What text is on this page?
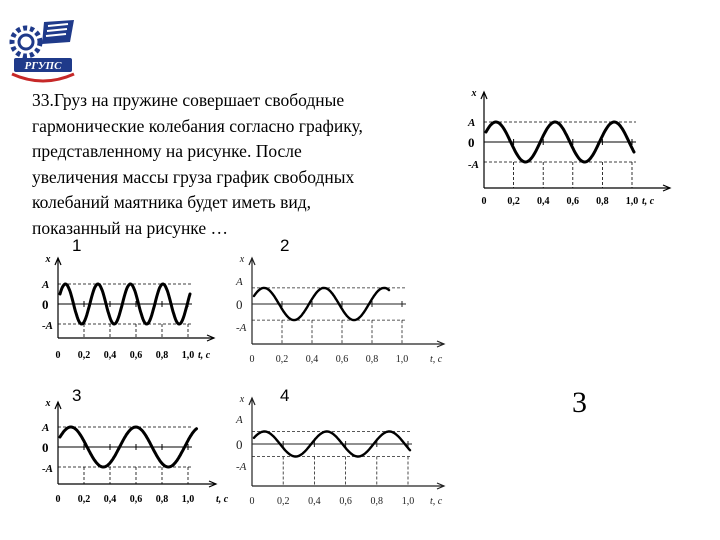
РГУПС

33.Груз на пружине совершает свободные

гармонические колебания согласно графику,

представленному на рисунке. После

увеличения массы груза график свободных

колебаний маятника будет иметь вид,

показанный на рисунке …

1	2
3	4	3
0 0,2 0,4 0,6 0,8 1,0 t, c
x
A
0
-A
0 0,2 0,4 0,6 0,8 1,0 t, c
x
A
0
-A
0 0,2 0,4 0,6 0,8 1,0 t, c
x
A
0
-A
0 0,2 0,4 0,6 0,8 1,0 t, c
x
A
0
-A
0 0,2 0,4 0,6 0,8 1,0 t, c
x
A
0
-A
